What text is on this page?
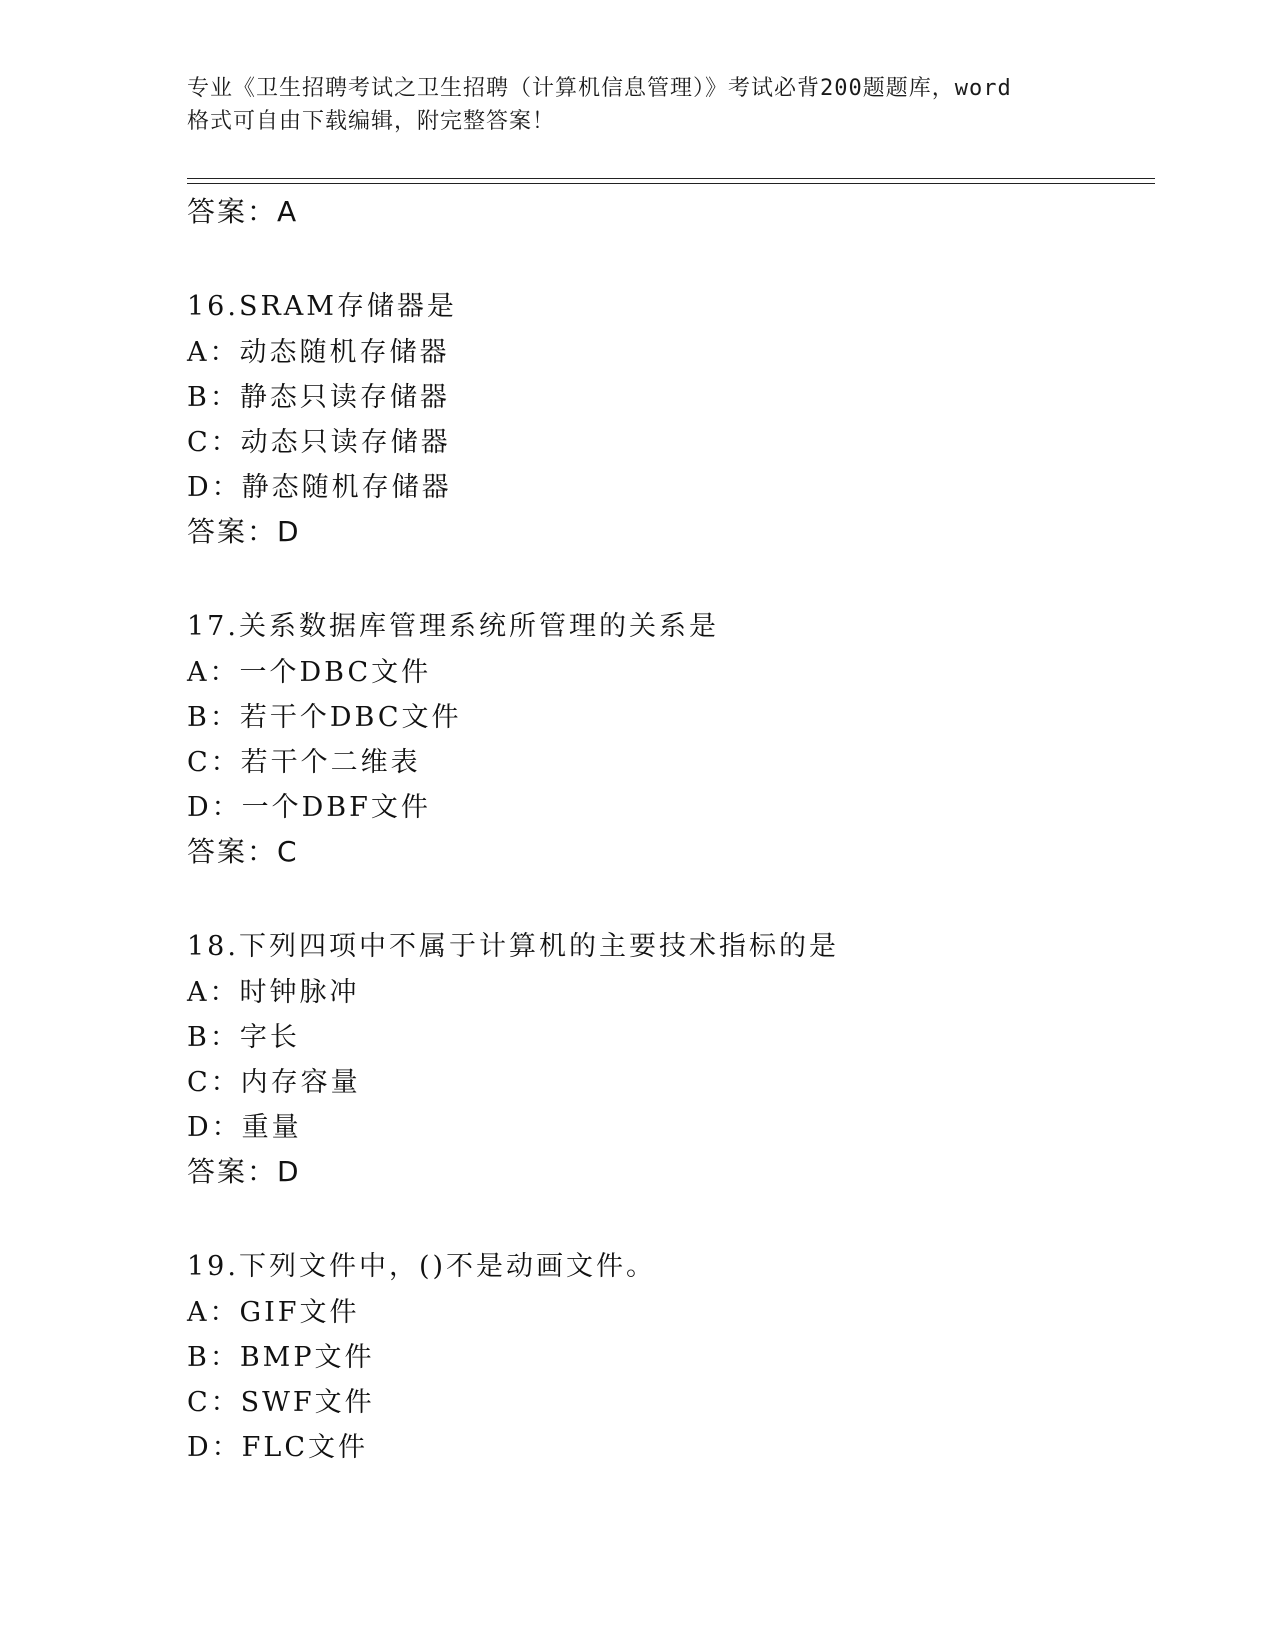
专业《卫生招聘考试之卫生招聘（计算机信息管理）》考试必背200题题库，word
格式可自由下载编辑，附完整答案！
答案：A
16.SRAM存储器是
A：动态随机存储器
B：静态只读存储器
C：动态只读存储器
D：静态随机存储器
答案：D
17.关系数据库管理系统所管理的关系是
A：一个DBC文件
B：若干个DBC文件
C：若干个二维表
D：一个DBF文件
答案：C
18.下列四项中不属于计算机的主要技术指标的是
A：时钟脉冲
B：字长
C：内存容量
D：重量
答案：D
19.下列文件中，()不是动画文件。
A：GIF文件
B：BMP文件
C：SWF文件
D：FLC文件
